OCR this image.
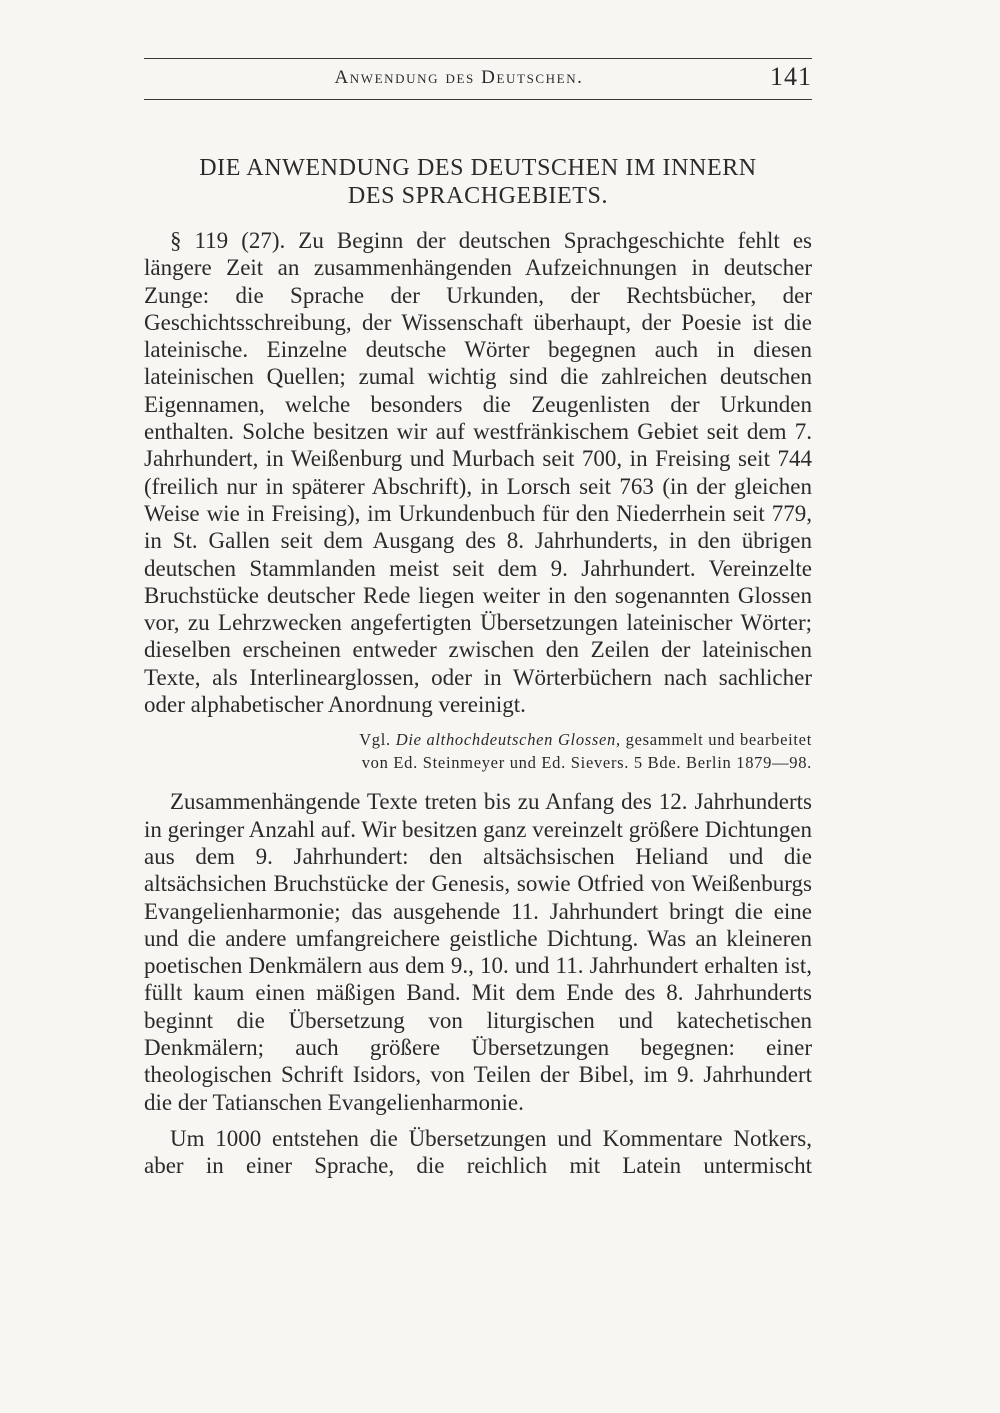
Anwendung des Deutschen.	141
DIE ANWENDUNG DES DEUTSCHEN IM INNERN
DES SPRACHGEBIETS.

§ 119 (27). Zu Beginn der deutschen Sprachgeschichte fehlt es längere Zeit an zusammenhängenden Aufzeichnungen in deutscher Zunge: die Sprache der Urkunden, der Rechtsbücher, der Geschichtsschreibung, der Wissenschaft überhaupt, der Poesie ist die lateinische. Einzelne deutsche Wörter begegnen auch in diesen lateinischen Quellen; zumal wichtig sind die zahlreichen deutschen Eigennamen, welche besonders die Zeugenlisten der Urkunden enthalten. Solche besitzen wir auf westfränkischem Gebiet seit dem 7. Jahrhundert, in Weißenburg und Murbach seit 700, in Freising seit 744 (freilich nur in späterer Abschrift), in Lorsch seit 763 (in der gleichen Weise wie in Freising), im Urkundenbuch für den Niederrhein seit 779, in St. Gallen seit dem Ausgang des 8. Jahrhunderts, in den übrigen deutschen Stammlanden meist seit dem 9. Jahrhundert. Vereinzelte Bruchstücke deutscher Rede liegen weiter in den sogenannten Glossen vor, zu Lehrzwecken angefertigten Übersetzungen lateinischer Wörter; dieselben erscheinen entweder zwischen den Zeilen der lateinischen Texte, als Interlinearglossen, oder in Wörterbüchern nach sachlicher oder alphabetischer Anordnung vereinigt.

Vgl. Die althochdeutschen Glossen, gesammelt und bearbeitet
von Ed. Steinmeyer und Ed. Sievers. 5 Bde. Berlin 1879—98.

Zusammenhängende Texte treten bis zu Anfang des 12. Jahrhunderts in geringer Anzahl auf. Wir besitzen ganz vereinzelt größere Dichtungen aus dem 9. Jahrhundert: den altsächsischen Heliand und die altsächsichen Bruchstücke der Genesis, sowie Otfried von Weißenburgs Evangelienharmonie; das ausgehende 11. Jahrhundert bringt die eine und die andere umfangreichere geistliche Dichtung. Was an kleineren poetischen Denkmälern aus dem 9., 10. und 11. Jahrhundert erhalten ist, füllt kaum einen mäßigen Band. Mit dem Ende des 8. Jahrhunderts beginnt die Übersetzung von liturgischen und katechetischen Denkmälern; auch größere Übersetzungen begegnen: einer theologischen Schrift Isidors, von Teilen der Bibel, im 9. Jahrhundert die der Tatianschen Evangelienharmonie.

Um 1000 entstehen die Übersetzungen und Kommentare Notkers, aber in einer Sprache, die reichlich mit Latein untermischt
